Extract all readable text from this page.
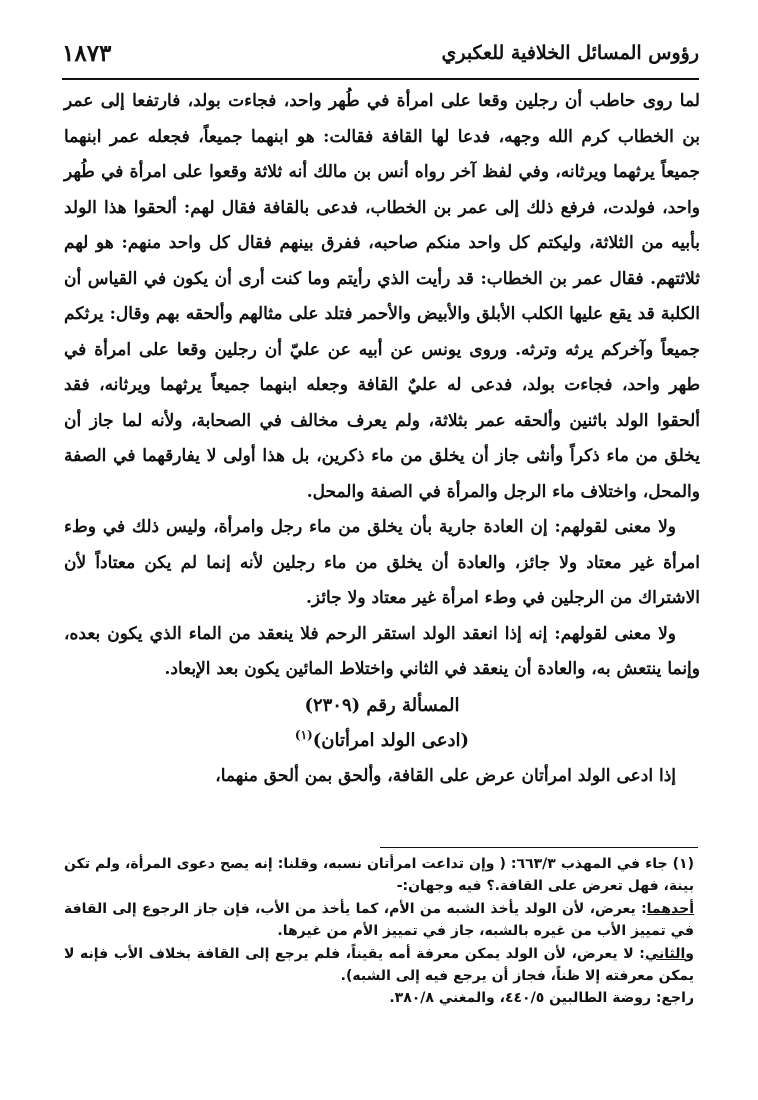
رؤوس المسائل الخلافية للعكبري
١٨٧٣

لما روى حاطب أن رجلين وقعا على امرأة في طُهر واحد، فجاءت بولد، فارتفعا إلى عمر بن الخطاب كرم الله وجهه، فدعا لها القافة فقالت: هو ابنهما جميعاً، فجعله عمر ابنهما جميعاً يرثهما ويرثانه، وفي لفظ آخر رواه أنس بن مالك أنه ثلاثة وقعوا على امرأة في طُهر واحد، فولدت، فرفع ذلك إلى عمر بن الخطاب، فدعى بالقافة فقال لهم: ألحقوا هذا الولد بأبيه من الثلاثة، وليكتم كل واحد منكم صاحبه، ففرق بينهم فقال كل واحد منهم: هو لهم ثلاثتهم. فقال عمر بن الخطاب: قد رأيت الذي رأيتم وما كنت أرى أن يكون في القياس أن الكلبة قد يقع عليها الكلب الأبلق والأبيض والأحمر فتلد على مثالهم وألحقه بهم وقال: يرثكم جميعاً وآخركم يرثه وترثه. وروى يونس عن أبيه عن عليّ أن رجلين وقعا على امرأة في طهر واحد، فجاءت بولد، فدعى له عليٌ القافة وجعله ابنهما جميعاً يرثهما ويرثانه، فقد ألحقوا الولد باثنين وألحقه عمر بثلاثة، ولم يعرف مخالف في الصحابة، ولأنه لما جاز أن يخلق من ماء ذكراً وأنثى جاز أن يخلق من ماء ذكرين، بل هذا أولى لا يفارقهما في الصفة والمحل، واختلاف ماء الرجل والمرأة في الصفة والمحل.

ولا معنى لقولهم: إن العادة جارية بأن يخلق من ماء رجل وامرأة، وليس ذلك في وطء امرأة غير معتاد ولا جائز، والعادة أن يخلق من ماء رجلين لأنه إنما لم يكن معتاداً لأن الاشتراك من الرجلين في وطء امرأة غير معتاد ولا جائز.

ولا معنى لقولهم: إنه إذا انعقد الولد استقر الرحم فلا ينعقد من الماء الذي يكون بعده، وإنما ينتعش به، والعادة أن ينعقد في الثاني واختلاط المائين يكون بعد الإبعاد.

المسألة رقم (٢٣٠٩)

(ادعى الولد امرأتان)$^{(١)}$

إذا ادعى الولد امرأتان عرض على القافة، وألحق بمن ألحق منهما،

(١) جاء في المهذب ٦٦٣/٣: ( وإن تداعت امرأتان نسبه، وقلنا: إنه يصح دعوى المرأة، ولم تكن بينة، فهل تعرض على القافة.؟ فيه وجهان:-

أحدهما: يعرض، لأن الولد يأخذ الشبه من الأم، كما يأخذ من الأب، فإن جاز الرجوع إلى القافة في تمييز الأب من غيره بالشبه، جاز في تمييز الأم من غيرها.

والثاني: لا يعرض، لأن الولد يمكن معرفة أمه يقيناً، فلم يرجع إلى القافة بخلاف الأب فإنه لا يمكن معرفته إلا ظناً، فجاز أن يرجع فيه إلى الشبه).

راجع: روضة الطالبين ٤٤٠/٥، والمغني ٣٨٠/٨.
